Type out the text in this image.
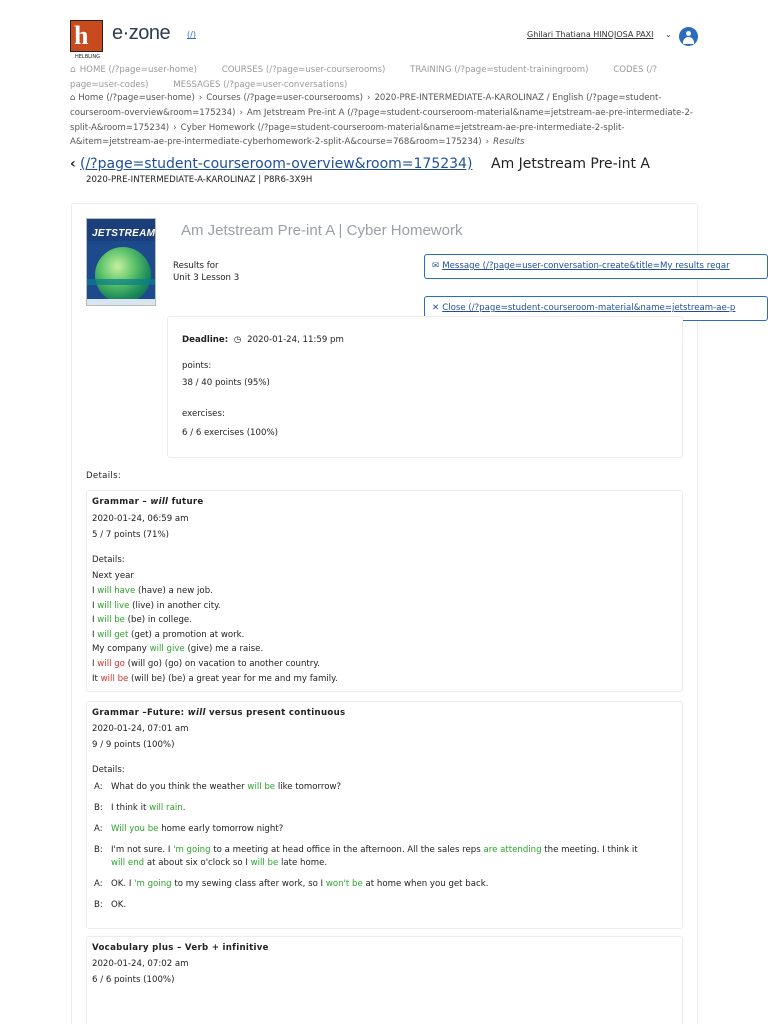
h
HELBLING
e·zone (/)	Ghilari Thatiana HINOJOSA PAXI ⌄
⌂ HOME (/?page=user-home)	COURSES (/?page=user-courserooms)	TRAINING (/?page=student-trainingroom)	CODES (/?page=user-codes)	MESSAGES (/?page=user-conversations)
⌂ Home (/?page=user-home) › Courses (/?page=user-courserooms) › 2020-PRE-INTERMEDIATE-A-KAROLINAZ / English (/?page=student-courseroom-overview&room=175234) › Am Jetstream Pre-int A (/?page=student-courseroom-material&name=jetstream-ae-pre-intermediate-2-split-A&room=175234) › Cyber Homework (/?page=student-courseroom-material&name=jetstream-ae-pre-intermediate-2-split-A&item=jetstream-ae-pre-intermediate-cyberhomework-2-split-A&course=768&room=175234) › Results
‹ (/?page=student-courseroom-overview&room=175234) Am Jetstream Pre-int A
2020-PRE-INTERMEDIATE-A-KAROLINAZ | P8R6-3X9H
JETSTREAM Am Jetstream Pre-int A | Cyber Homework
Results for
Unit 3 Lesson 3
✉ Message (/?page=user-conversation-create&title=My results regar
✕ Close (/?page=student-courseroom-material&name=jetstream-ae-p
Deadline: ◷ 2020-01-24, 11:59 pm
points:
38 / 40 points (95%)
exercises:
6 / 6 exercises (100%)
Details:
Grammar – will future
2020-01-24, 06:59 am
5 / 7 points (71%)
Details:
Next year
I will have (have) a new job.
I will live (live) in another city.
I will be (be) in college.
I will get (get) a promotion at work.
My company will give (give) me a raise.
I will go (will go) (go) on vacation to another country.
It will be (will be) (be) a great year for me and my family.
Grammar –Future: will versus present continuous
2020-01-24, 07:01 am
9 / 9 points (100%)
Details:
A: What do you think the weather will be like tomorrow?
B: I think it will rain.
A: Will you be home early tomorrow night?
B: I'm not sure. I 'm going to a meeting at head office in the afternoon. All the sales reps are attending the meeting. I think it
will end at about six o'clock so I will be late home.
A: OK. I 'm going to my sewing class after work, so I won't be at home when you get back.
B: OK.
Vocabulary plus – Verb + infinitive
2020-01-24, 07:02 am
6 / 6 points (100%)
